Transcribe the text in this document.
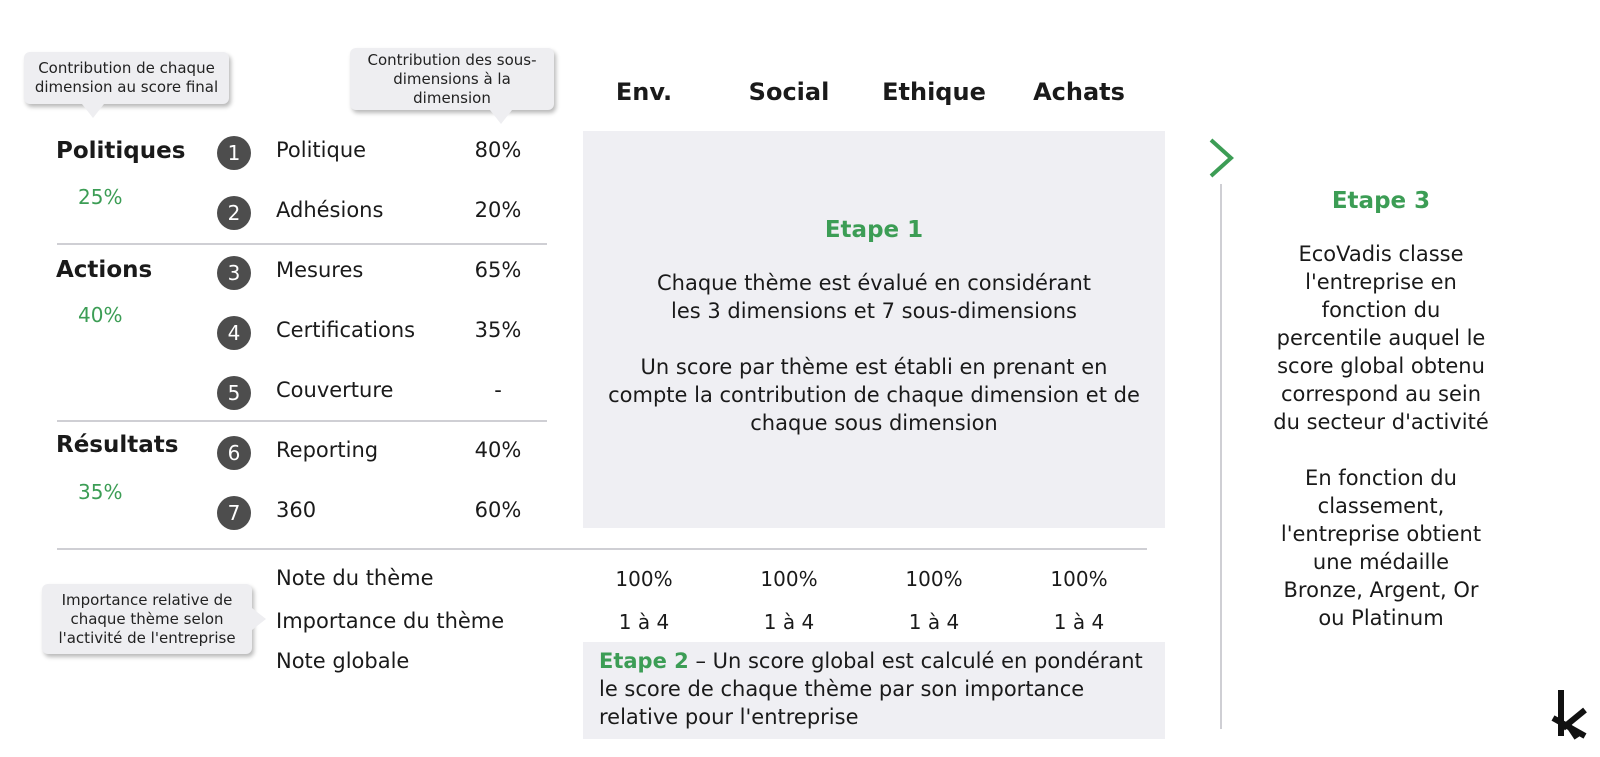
Contribution de chaque dimension au score final
Contribution des sous-dimensions à la dimension	Env.	Social	Ethique	Achats
Politiques
25%
Actions
40%
Résultats
35%
1	Politique	80%
2	Adhésions	20%
3	Mesures	65%
4	Certifications	35%
5	Couverture	-
6	Reporting	40%
7	360	60%
Etape 1

Chaque thème est évalué en considérant les 3 dimensions et 7 sous-dimensions

Un score par thème est établi en prenant en compte la contribution de chaque dimension et de chaque sous dimension

Importance relative de chaque thème selon l'activité de l'entreprise
Note du thème	100%	100%	100%	100%
Importance du thème	1 à 4	1 à 4	1 à 4	1 à 4
Note globale	Etape 2 – Un score global est calculé en pondérant le score de chaque thème par son importance relative pour l'entreprise
Etape 3

EcoVadis classe l'entreprise en fonction du percentile auquel le score global obtenu correspond au sein du secteur d'activité

En fonction du classement, l'entreprise obtient une médaille Bronze, Argent, Or ou Platinum
